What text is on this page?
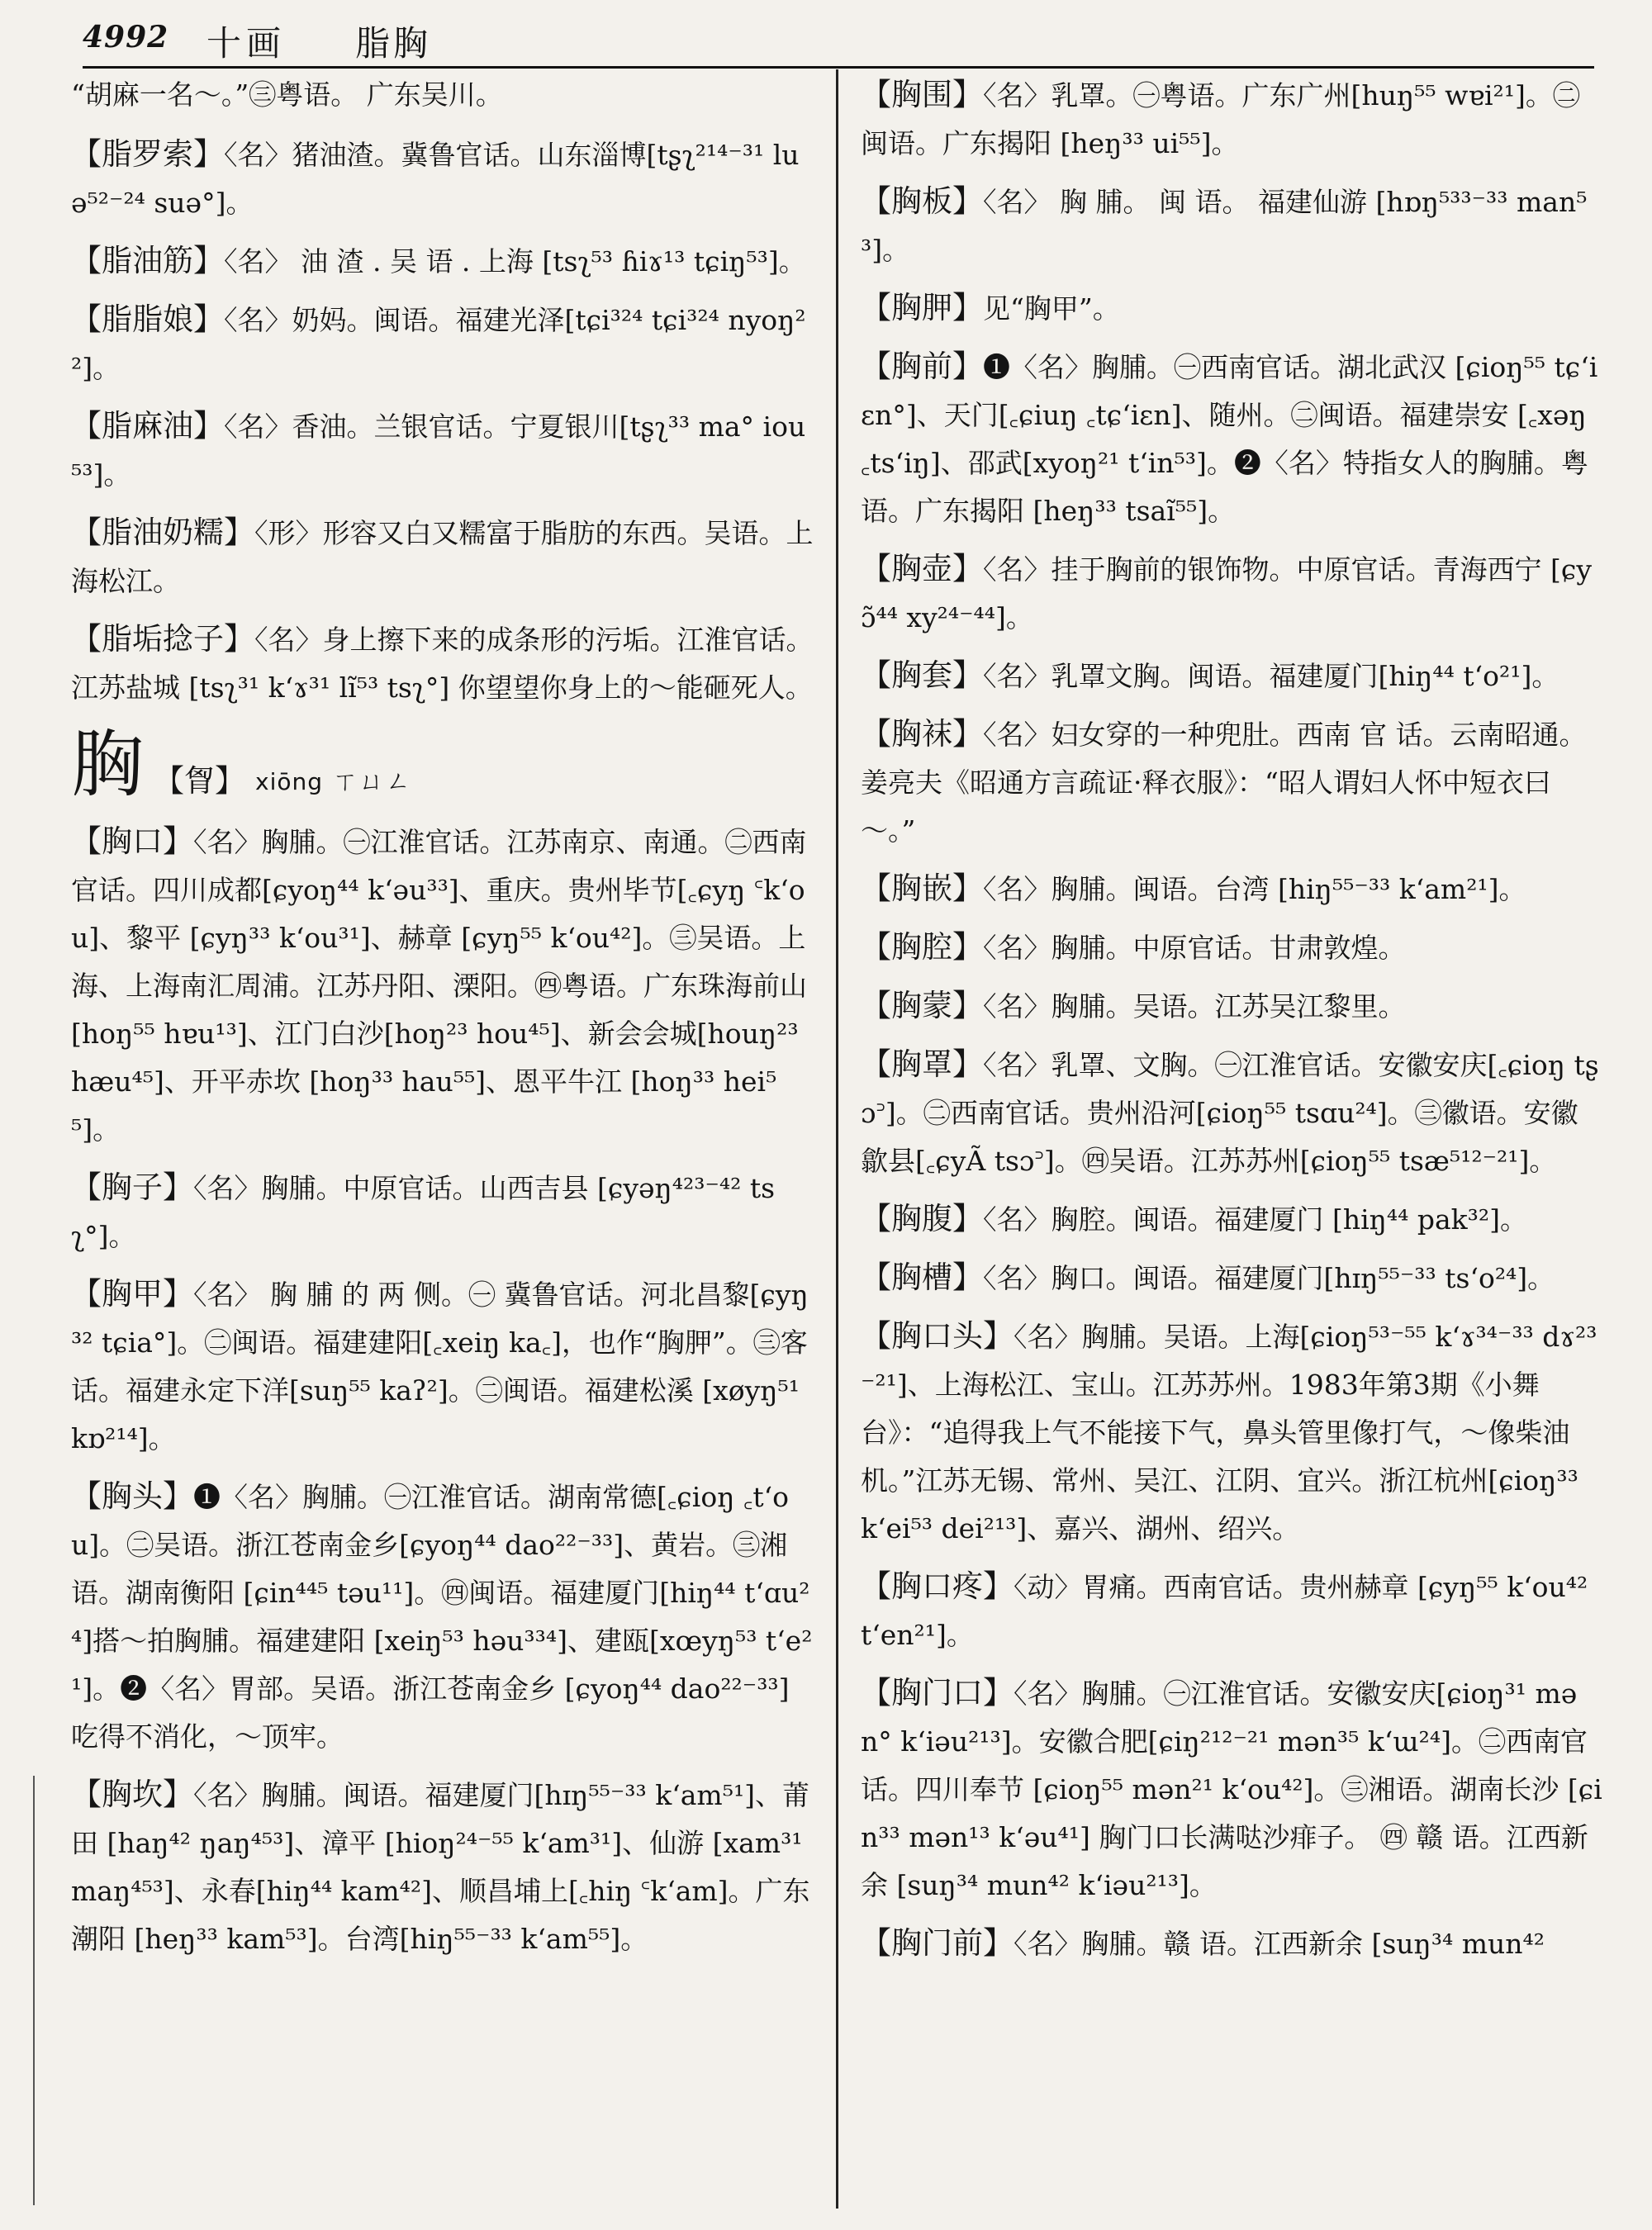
4992 十画 脂胸

“胡麻一名～。”㊂粤语。 广东吴川。

【脂罗索】〈名〉猪油渣。冀鲁官话。山东淄博[tʂʅ²¹⁴⁻³¹ luə⁵²⁻²⁴ suə°]。

【脂油筋】〈名〉 油 渣 . 吴 语 . 上海 [tsʅ⁵³ ɦiɤ¹³ tɕiŋ⁵³]。

【脂脂娘】〈名〉奶妈。闽语。福建光泽[tɕi³²⁴ tɕi³²⁴ nyoŋ²²]。

【脂麻油】〈名〉香油。兰银官话。宁夏银川[tʂʅ³³ ma° iou⁵³]。

【脂油奶糯】〈形〉形容又白又糯富于脂肪的东西。吴语。上海松江。

【脂垢捻子】〈名〉身上擦下来的成条形的污垢。江淮官话。江苏盐城 [tsʅ³¹ k‘ɤ³¹ lĩ⁵³ tsʅ°] 你望望你身上的～能砸死人。

胸 【胷】 xiōng ㄒㄩㄥ

【胸口】〈名〉胸脯。㊀江淮官话。江苏南京、南通。㊁西南官话。四川成都[ɕyoŋ⁴⁴ k‘əu³³]、重庆。贵州毕节[꜀ɕyŋ ꜂k‘ou]、黎平 [ɕyŋ³³ k‘ou³¹]、赫章 [ɕyŋ⁵⁵ k‘ou⁴²]。㊂吴语。上海、上海南汇周浦。江苏丹阳、溧阳。㊃粤语。广东珠海前山[hoŋ⁵⁵ hɐu¹³]、江门白沙[hoŋ²³ hou⁴⁵]、新会会城[houŋ²³ hæu⁴⁵]、开平赤坎 [hoŋ³³ hau⁵⁵]、恩平牛江 [hoŋ³³ hei⁵⁵]。

【胸子】〈名〉胸脯。中原官话。山西吉县 [ɕyəŋ⁴²³⁻⁴² tsʅ°]。

【胸甲】〈名〉 胸 脯 的 两 侧。㊀ 冀鲁官话。河北昌黎[ɕyŋ³² tɕia°]。㊁闽语。福建建阳[꜀xeiŋ ka꜀]，也作“胸胛”。㊂客话。福建永定下洋[suŋ⁵⁵ kaʔ²]。㊁闽语。福建松溪 [xøyŋ⁵¹ kɒ²¹⁴]。

【胸头】❶〈名〉胸脯。㊀江淮官话。湖南常德[꜀ɕioŋ ꜀t‘ou]。㊁吴语。浙江苍南金乡[ɕyoŋ⁴⁴ dao²²⁻³³]、黄岩。㊂湘语。湖南衡阳 [ɕin⁴⁴⁵ təu¹¹]。㊃闽语。福建厦门[hiŋ⁴⁴ t‘ɑu²⁴]搭～拍胸脯。福建建阳 [xeiŋ⁵³ həu³³⁴]、建瓯[xœyŋ⁵³ t‘e²¹]。❷〈名〉胃部。吴语。浙江苍南金乡 [ɕyoŋ⁴⁴ dao²²⁻³³] 吃得不消化，～顶牢。

【胸坎】〈名〉胸脯。闽语。福建厦门[hɪŋ⁵⁵⁻³³ k‘am⁵¹]、莆田 [haŋ⁴² ŋaŋ⁴⁵³]、漳平 [hioŋ²⁴⁻⁵⁵ k‘am³¹]、仙游 [xam³¹ maŋ⁴⁵³]、永春[hiŋ⁴⁴ kam⁴²]、顺昌埔上[꜀hiŋ ꜂k‘am]。广东潮阳 [heŋ³³ kam⁵³]。台湾[hiŋ⁵⁵⁻³³ k‘am⁵⁵]。

【胸围】〈名〉乳罩。㊀粤语。广东广州[huŋ⁵⁵ wɐi²¹]。㊁闽语。广东揭阳 [heŋ³³ ui⁵⁵]。

【胸板】〈名〉 胸 脯。 闽 语。 福建仙游 [hɒŋ⁵³³⁻³³ man⁵³]。

【胸胛】见“胸甲”。

【胸前】❶〈名〉胸脯。㊀西南官话。湖北武汉 [ɕioŋ⁵⁵ tɕ‘iɛn°]、天门[꜀ɕiuŋ ꜀tɕ‘iɛn]、随州。㊁闽语。福建崇安 [꜀xəŋ ꜀ts‘iŋ]、邵武[xyoŋ²¹ t‘in⁵³]。❷〈名〉特指女人的胸脯。粤语。广东揭阳 [heŋ³³ tsaĩ⁵⁵]。

【胸壶】〈名〉挂于胸前的银饰物。中原官话。青海西宁 [ɕyɔ̃⁴⁴ xy²⁴⁻⁴⁴]。

【胸套】〈名〉乳罩文胸。闽语。福建厦门[hiŋ⁴⁴ t‘o²¹]。

【胸袜】〈名〉妇女穿的一种兜肚。西南 官 话。云南昭通。姜亮夫《昭通方言疏证·释衣服》：“昭人谓妇人怀中短衣曰～。”

【胸嵌】〈名〉胸脯。闽语。台湾 [hiŋ⁵⁵⁻³³ k‘am²¹]。

【胸腔】〈名〉胸脯。中原官话。甘肃敦煌。

【胸蒙】〈名〉胸脯。吴语。江苏吴江黎里。

【胸罩】〈名〉乳罩、文胸。㊀江淮官话。安徽安庆[꜀ɕioŋ tʂɔ꜄]。㊁西南官话。贵州沿河[ɕioŋ⁵⁵ tsɑu²⁴]。㊂徽语。安徽歙县[꜀ɕyÃ tsɔ꜄]。㊃吴语。江苏苏州[ɕioŋ⁵⁵ tsæ⁵¹²⁻²¹]。

【胸腹】〈名〉胸腔。闽语。福建厦门 [hiŋ⁴⁴ pak³²]。

【胸槽】〈名〉胸口。闽语。福建厦门[hɪŋ⁵⁵⁻³³ ts‘o²⁴]。

【胸口头】〈名〉胸脯。吴语。上海[ɕioŋ⁵³⁻⁵⁵ k‘ɤ³⁴⁻³³ dɤ²³⁻²¹]、上海松江、宝山。江苏苏州。1983年第3期《小舞台》：“追得我上气不能接下气，鼻头管里像打气，～像柴油机。”江苏无锡、常州、吴江、江阴、宜兴。浙江杭州[ɕioŋ³³ k‘ei⁵³ dei²¹³]、嘉兴、湖州、绍兴。

【胸口疼】〈动〉胃痛。西南官话。贵州赫章 [ɕyŋ⁵⁵ k‘ou⁴² t‘en²¹]。

【胸门口】〈名〉胸脯。㊀江淮官话。安徽安庆[ɕioŋ³¹ mən° k‘iəu²¹³]。安徽合肥[ɕiŋ²¹²⁻²¹ mən³⁵ k‘ɯ²⁴]。㊁西南官话。四川奉节 [ɕioŋ⁵⁵ mən²¹ k‘ou⁴²]。㊂湘语。湖南长沙 [ɕin³³ mən¹³ k‘əu⁴¹] 胸门口长满哒沙痱子。 ㊃ 赣 语。江西新余 [suŋ³⁴ mun⁴² k‘iəu²¹³]。

【胸门前】〈名〉胸脯。赣 语。江西新余 [suŋ³⁴ mun⁴²
